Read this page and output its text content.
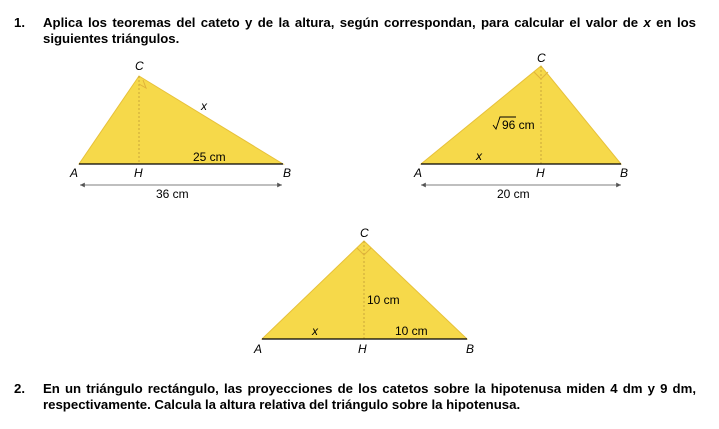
1. Aplica los teoremas del cateto y de la altura, según correspondan, para calcular el valor de x en los siguientes triángulos.
C
A	H	B
x
25 cm
36 cm
C
A	H	B
96 cm
x
20 cm
C
A	H	B
10 cm
x	10 cm
2. En un triángulo rectángulo, las proyecciones de los catetos sobre la hipotenusa miden 4 dm y 9 dm, respectivamente. Calcula la altura relativa del triángulo sobre la hipotenusa.
